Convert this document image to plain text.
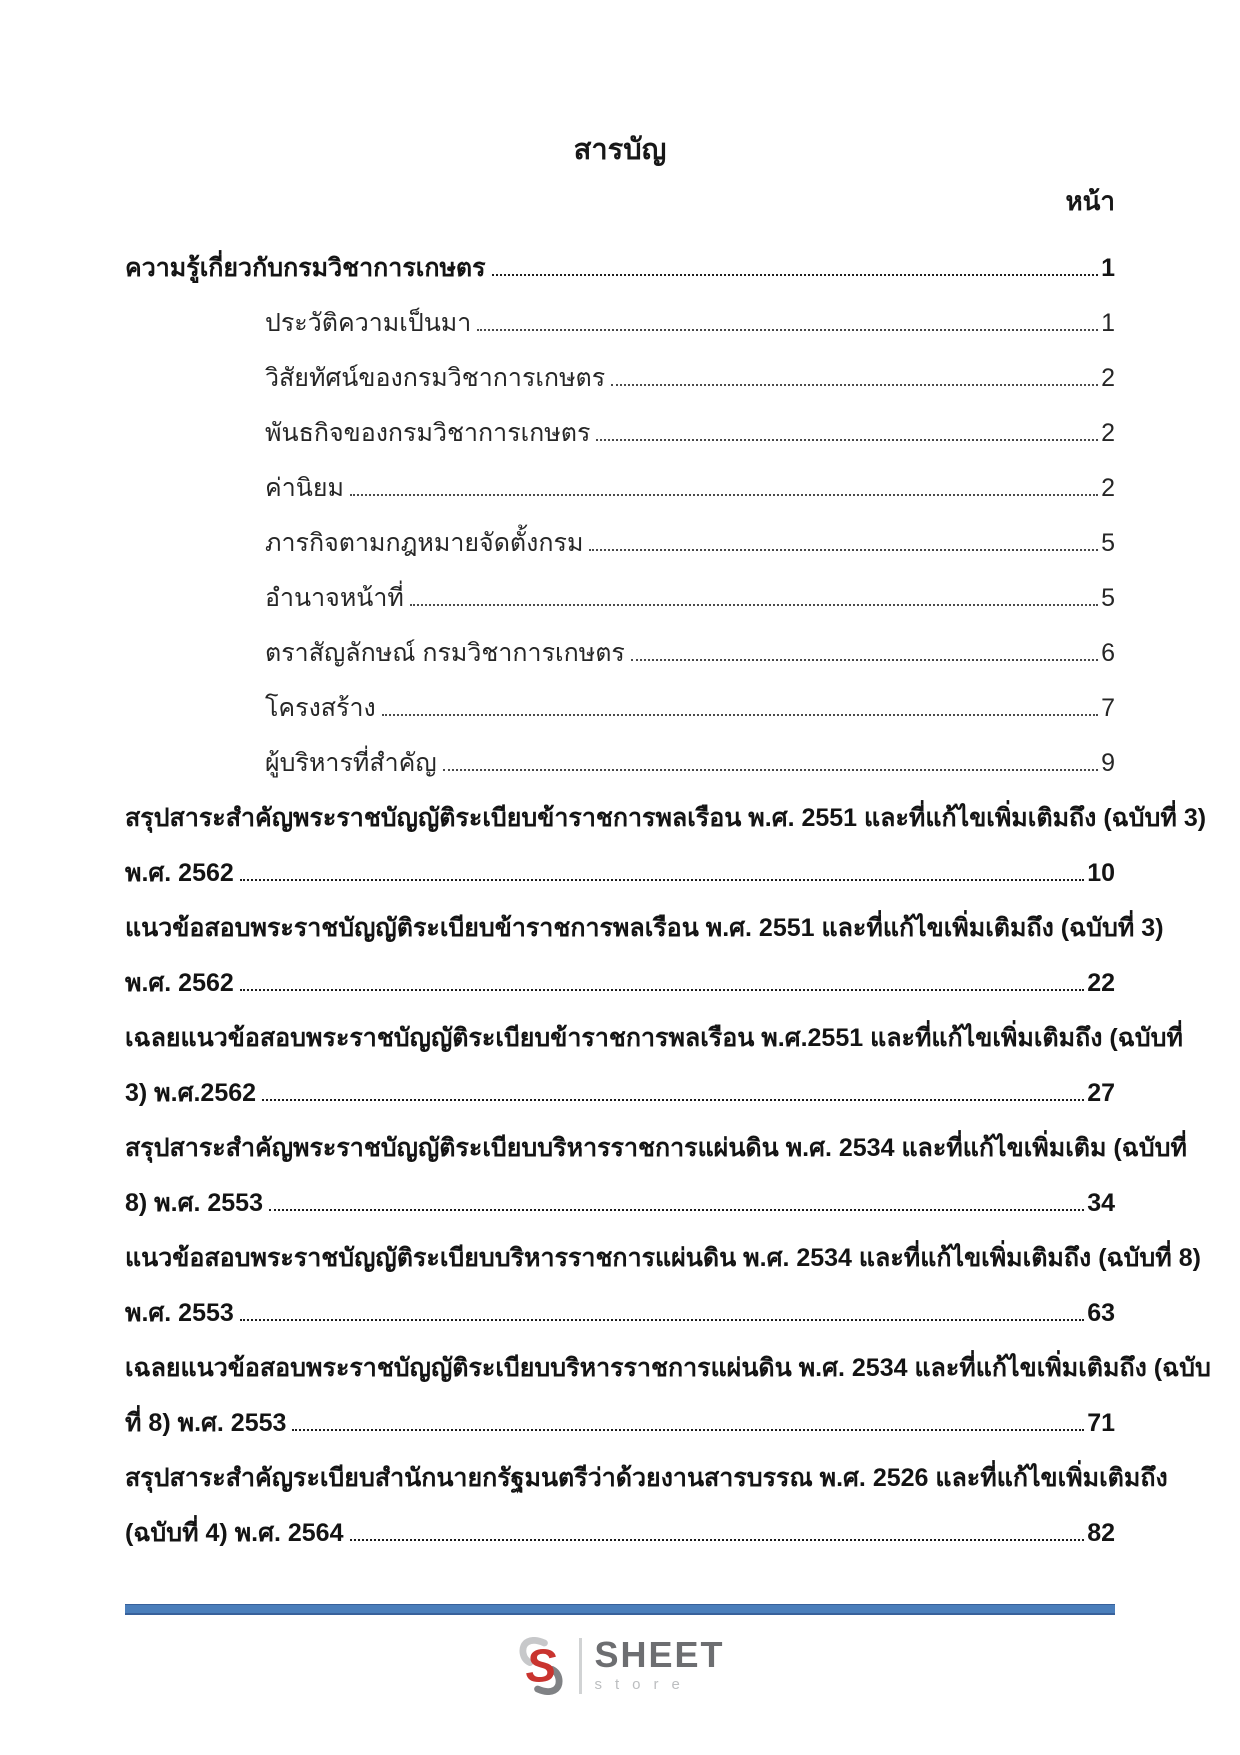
สารบัญ
หน้า
ความรู้เกี่ยวกับกรมวิชาการเกษตร	1
ประวัติความเป็นมา	1
วิสัยทัศน์ของกรมวิชาการเกษตร	2
พันธกิจของกรมวิชาการเกษตร	2
ค่านิยม	2
ภารกิจตามกฎหมายจัดตั้งกรม	5
อำนาจหน้าที่	5
ตราสัญลักษณ์ กรมวิชาการเกษตร	6
โครงสร้าง	7
ผู้บริหารที่สำคัญ	9
สรุปสาระสำคัญพระราชบัญญัติระเบียบข้าราชการพลเรือน พ.ศ. 2551 และที่แก้ไขเพิ่มเติมถึง (ฉบับที่ 3)
พ.ศ. 2562	10
แนวข้อสอบพระราชบัญญัติระเบียบข้าราชการพลเรือน พ.ศ. 2551 และที่แก้ไขเพิ่มเติมถึง (ฉบับที่ 3)
พ.ศ. 2562	22
เฉลยแนวข้อสอบพระราชบัญญัติระเบียบข้าราชการพลเรือน พ.ศ.2551 และที่แก้ไขเพิ่มเติมถึง (ฉบับที่
3) พ.ศ.2562	27
สรุปสาระสำคัญพระราชบัญญัติระเบียบบริหารราชการแผ่นดิน พ.ศ. 2534 และที่แก้ไขเพิ่มเติม (ฉบับที่
8) พ.ศ. 2553	34
แนวข้อสอบพระราชบัญญัติระเบียบบริหารราชการแผ่นดิน พ.ศ. 2534 และที่แก้ไขเพิ่มเติมถึง (ฉบับที่ 8)
พ.ศ. 2553	63
เฉลยแนวข้อสอบพระราชบัญญัติระเบียบบริหารราชการแผ่นดิน พ.ศ. 2534 และที่แก้ไขเพิ่มเติมถึง (ฉบับ
ที่ 8) พ.ศ. 2553	71
สรุปสาระสำคัญระเบียบสำนักนายกรัฐมนตรีว่าด้วยงานสารบรรณ พ.ศ. 2526 และที่แก้ไขเพิ่มเติมถึง
(ฉบับที่ 4) พ.ศ. 2564	82
S SHEET
store
